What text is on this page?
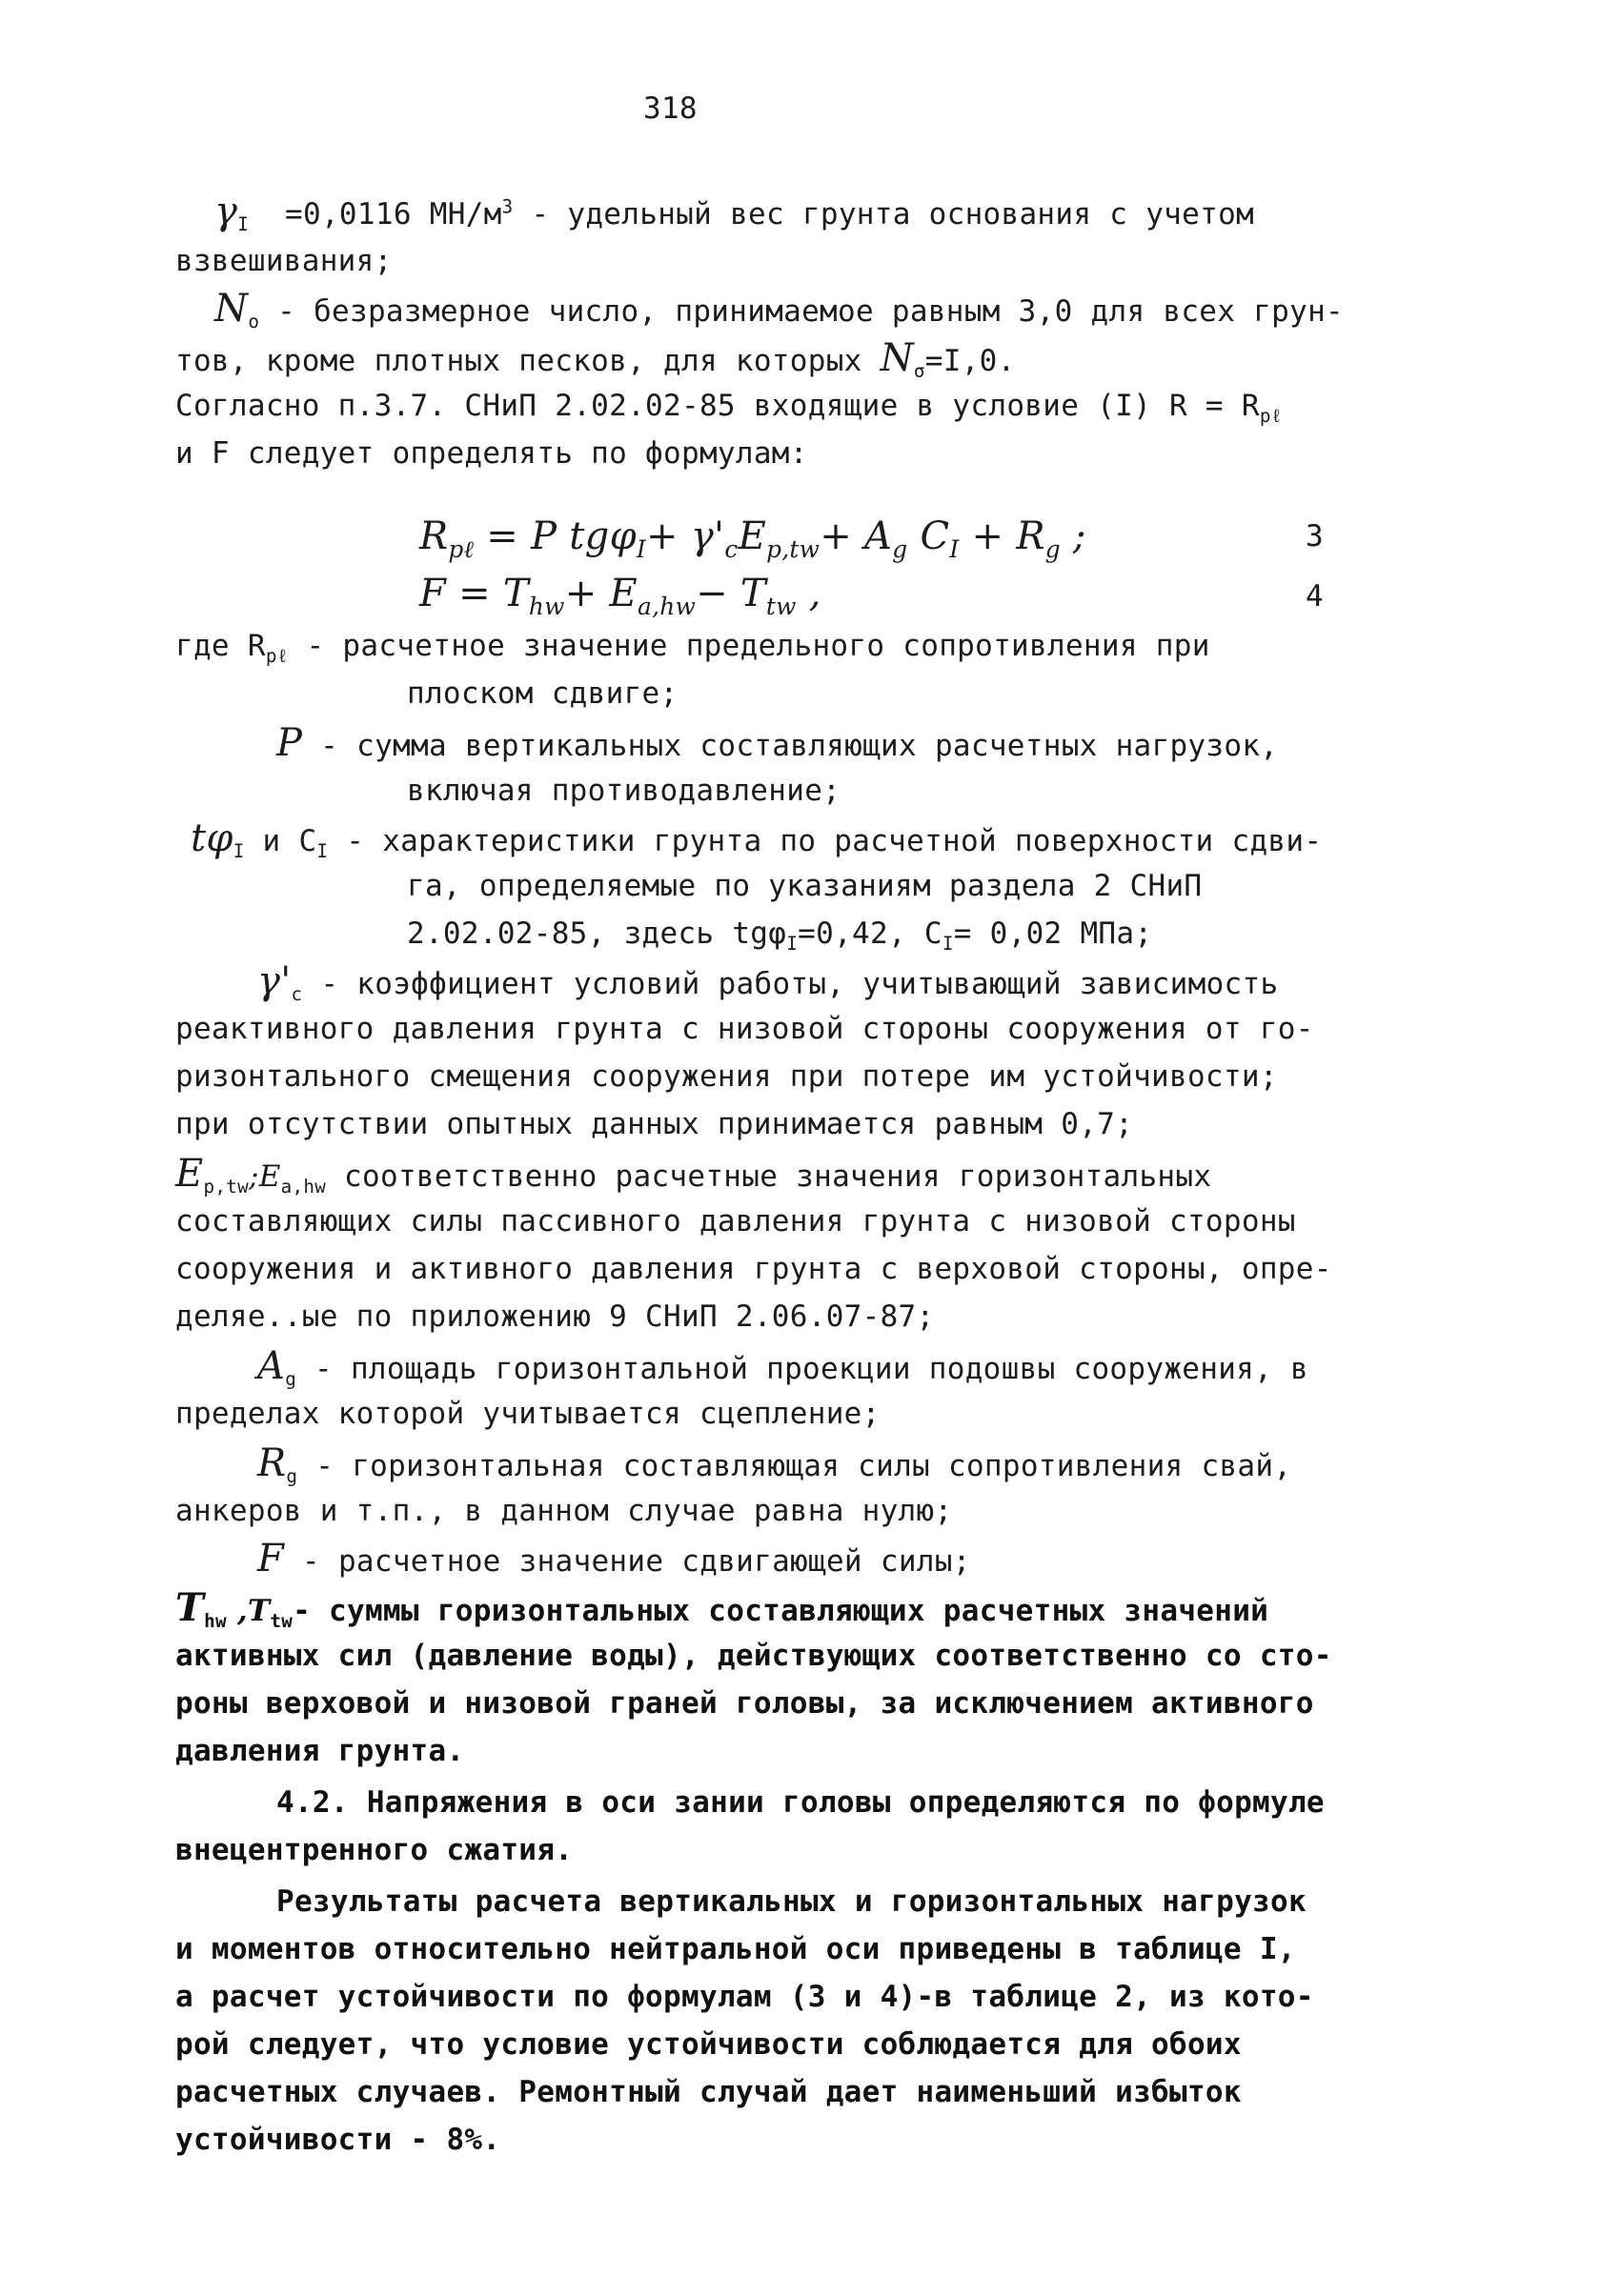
318
$\gamma_I =0,0116$ $МН/м^3$ - удельный вес грунта основания с учетом
взвешивания;
$N_о$ - безразмерное число, принимаемое равным 3,0 для всех грун-
тов, кроме плотных песков, для которых $N_\sigma=I,0$.
Согласно п.3.7. СНиП 2.02.02-85 входящие в условие (I) $R = R_{p\ell}$
и F следует определять по формулам:
$R_{p\ell} = P$ $tg\varphi_I+ \gamma'_cE_{p,tw}+ A_g$ $C_I + R_g$ ;	3
$F = T_{hw}+ E_{a,hw}- T_{tw}$ ,	4
где $R_{p\ell}$ - расчетное значение предельного сопротивления при
плоском сдвиге;
P - сумма вертикальных составляющих расчетных нагрузок,
включая противодавление;
$t\varphi_I$ и $C_I$ - характеристики грунта по расчетной поверхности сдви-
га, определяемые по указаниям раздела 2 СНиП
2.02.02-85, здесь tgφ$_I$=0,42, $C_I= 0,02$ МПа;
$\gamma'_c$ - коэффициент условий работы, учитывающий зависимость
реактивного давления грунта с низовой стороны сооружения от го-
ризонтального смещения сооружения при потере им устойчивости;
при отсутствии опытных данных принимается равным 0,7;
$E_{p,tw};E_{a,hw}$ соответственно расчетные значения горизонтальных
составляющих силы пассивного давления грунта с низовой стороны
сооружения и активного давления грунта с верховой стороны, опре-
деляе..ые по приложению 9 СНиП 2.06.07-87;
$A_g$ - площадь горизонтальной проекции подошвы сооружения, в
пределах которой учитывается сцепление;
$R_g$ - горизонтальная составляющая силы сопротивления свай,
анкеров и т.п., в данном случае равна нулю;
F - расчетное значение сдвигающей силы;
$T_{hw}$ $,T_{tw}-$ суммы горизонтальных составляющих расчетных значений
активных сил (давление воды), действующих соответственно со сто-
роны верховой и низовой граней головы, за исключением активного
давления грунта.
4.2. Напряжения в оси зании головы определяются по формуле
внецентренного сжатия.
Результаты расчета вертикальных и горизонтальных нагрузок
и моментов относительно нейтральной оси приведены в таблице I,
а расчет устойчивости по формулам (3 и 4)-в таблице 2, из кото-
рой следует, что условие устойчивости соблюдается для обоих
расчетных случаев. Ремонтный случай дает наименьший избыток
устойчивости - 8%.
